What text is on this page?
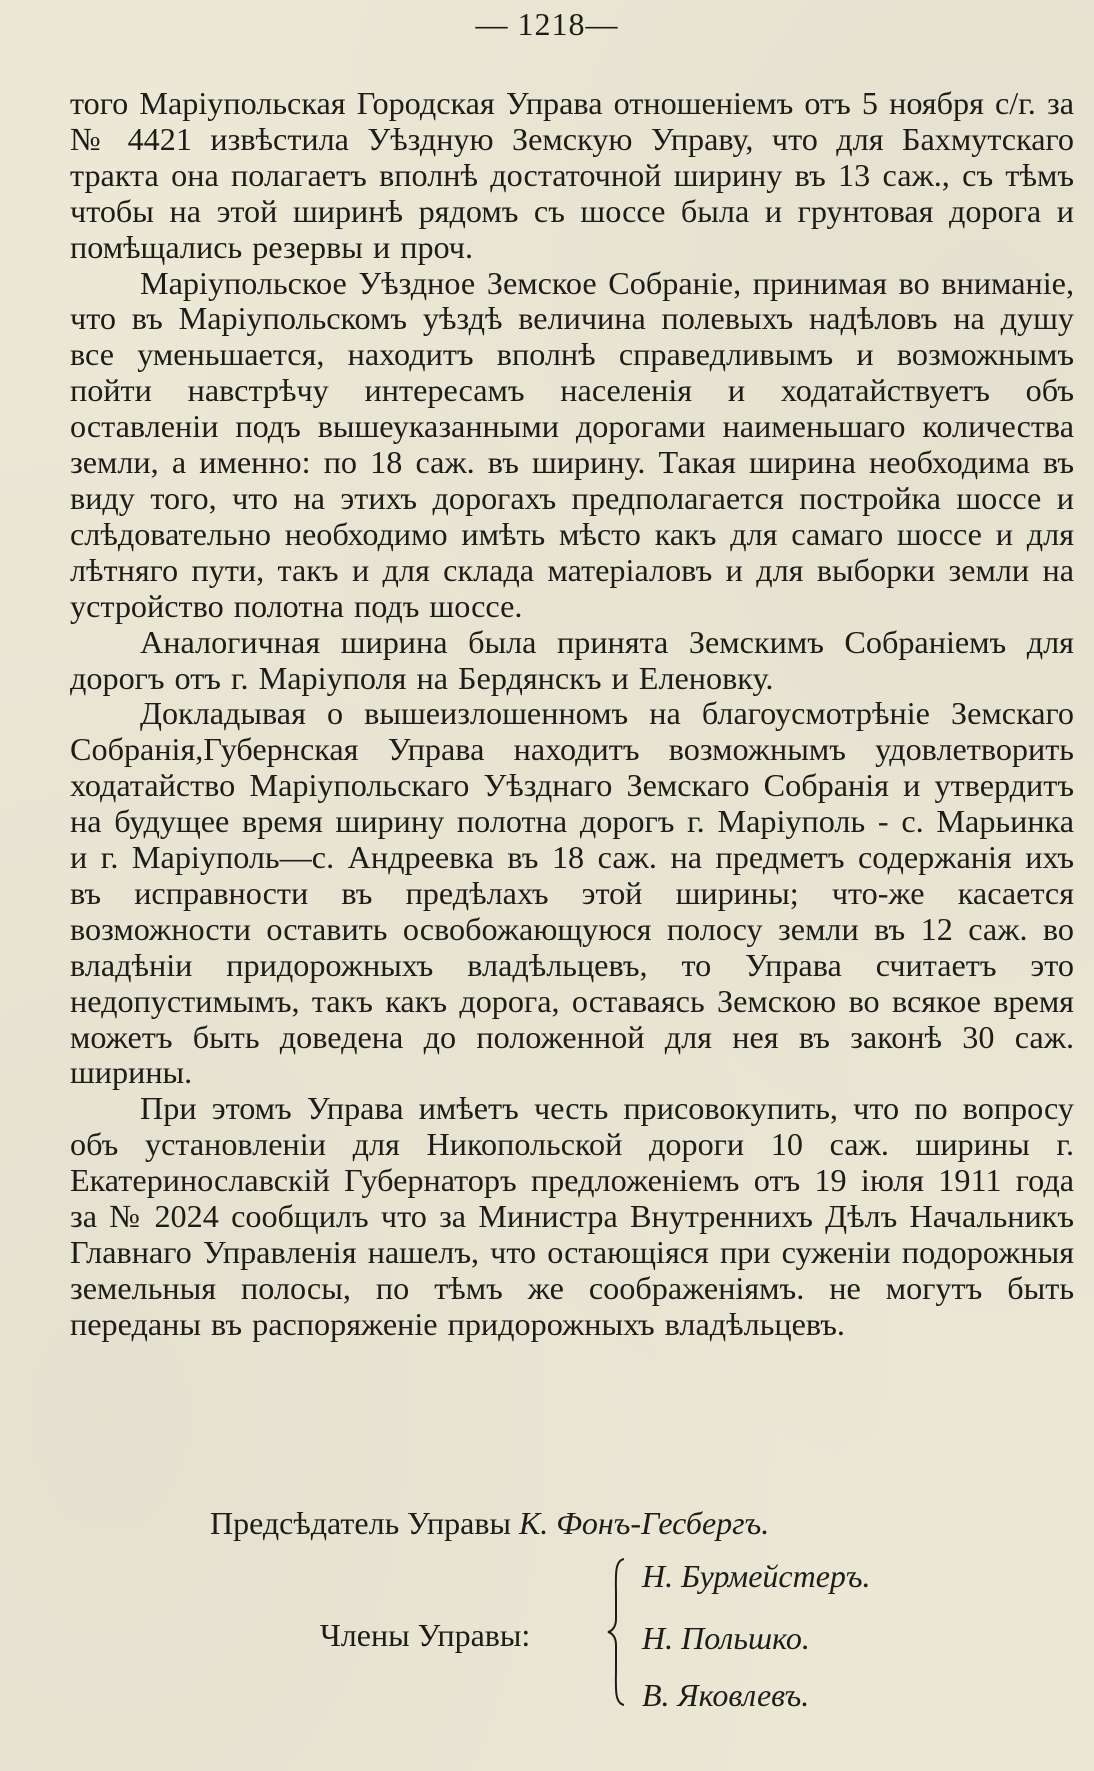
— 1218—

того Маріупольская Городская Управа отношеніемъ отъ 5 ноября с/г. за № 4421 извѣстила Уѣздную Земскую Управу, что для Бахмутскаго тракта она полагаетъ вполнѣ достаточной ширину въ 13 саж., съ тѣмъ чтобы на этой ширинѣ рядомъ съ шоссе была и грунтовая дорога и помѣщались резервы и проч.

Маріупольское Уѣздное Земское Собраніе, принимая во вниманіе, что въ Маріупольскомъ уѣздѣ величина полевыхъ надѣловъ на душу все уменьшается, находитъ вполнѣ справедливымъ и возможнымъ пойти навстрѣчу интересамъ населенія и ходатайствуетъ объ оставленіи подъ вышеуказанными дорогами наименьшаго количества земли, а именно: по 18 саж. въ ширину. Такая ширина необходима въ виду того, что на этихъ дорогахъ предполагается постройка шоссе и слѣдовательно необходимо имѣть мѣсто какъ для самаго шоссе и для лѣтняго пути, такъ и для склада матеріаловъ и для выборки земли на устройство полотна подъ шоссе.

Аналогичная ширина была принята Земскимъ Собраніемъ для дорогъ отъ г. Маріуполя на Бердянскъ и Еленовку.

Докладывая о вышеизлошенномъ на благоусмотрѣніе Земскаго Собранія,Губернская Управа находитъ возможнымъ удовлетворить ходатайство Маріупольскаго Уѣзднаго Земскаго Собранія и утвердитъ на будущее время ширину полотна дорогъ г. Маріуполь - с. Марьинка и г. Маріуполь—с. Андреевка въ 18 саж. на предметъ содержанія ихъ въ исправности въ предѣлахъ этой ширины; что-же касается возможности оставить освобожающуюся полосу земли въ 12 саж. во владѣніи придорожныхъ владѣльцевъ, то Управа считаетъ это недопустимымъ, такъ какъ дорога, оставаясь Земскою во всякое время можетъ быть доведена до положенной для нея въ законѣ 30 саж. ширины.

При этомъ Управа имѣетъ честь присовокупить, что по вопросу объ установленіи для Никопольской дороги 10 саж. ширины г. Екатеринославскій Губернаторъ предложеніемъ отъ 19 іюля 1911 года за № 2024 сообщилъ что за Министра Внутреннихъ Дѣлъ Начальникъ Главнаго Управленія нашелъ, что остающіяся при суженіи подорожныя земельныя полосы, по тѣмъ же соображеніямъ. не могутъ быть переданы въ распоряженіе придорожныхъ владѣльцевъ.

Предсѣдатель Управы К. Фонъ-Гесбергъ.
Члены Управы:
Н. Бурмейстеръ.
Н. Польшко.
В. Яковлевъ.
